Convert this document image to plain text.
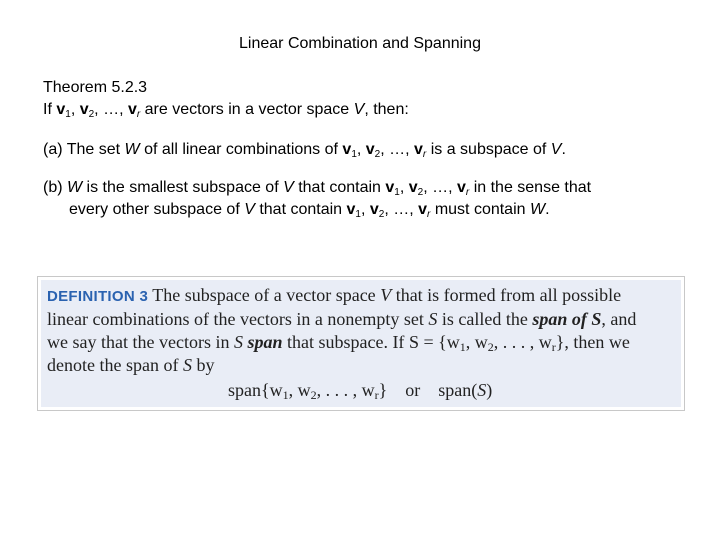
Linear Combination and Spanning

Theorem 5.2.3

If $v_1$, $v_2$, …, $v_r$ are vectors in a vector space V, then:

(a) The set W of all linear combinations of $v_1$, $v_2$, …, $v_r$ is a subspace of V.

(b) W is the smallest subspace of V that contain $v_1$, $v_2$, …, $v_r$ in the sense that

every other subspace of V that contain $v_1$, $v_2$, …, $v_r$ must contain W.

DEFINITION 3 The subspace of a vector space V that is formed from all possible
linear combinations of the vectors in a nonempty set S is called the span of S, and
we say that the vectors in S span that subspace. If S = {w1, w2, . . . , wr}, then we
denote the span of S by
span{w1, w2, . . . , wr} or span(S)
